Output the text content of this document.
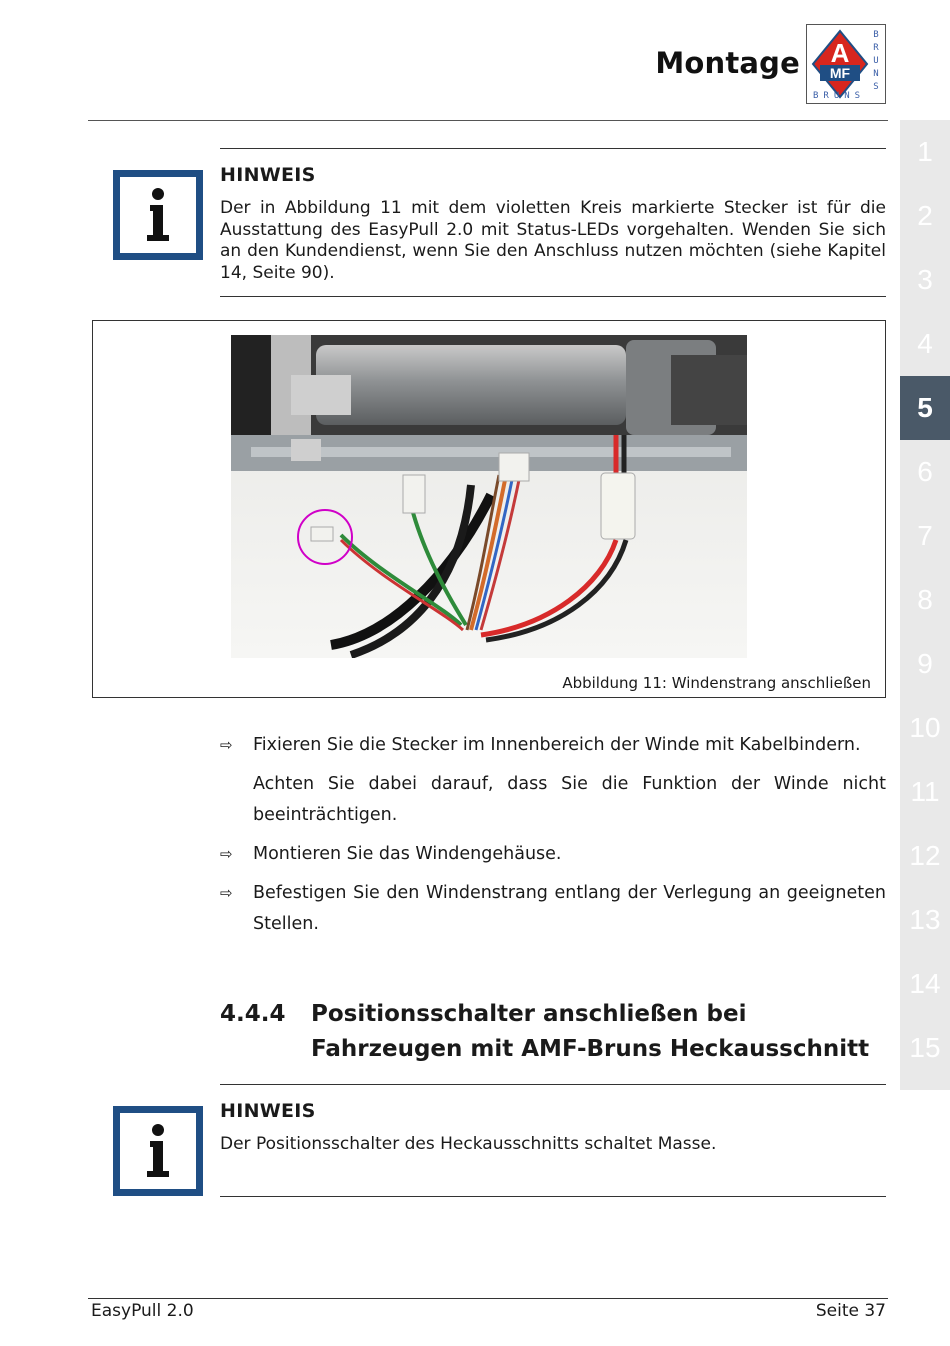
Montage A
MF
B
R
U
N
S
BRUNS
1
2
3
4
5
6
7
8
9
10
11
12
13
14
15
HINWEIS
Der in Abbildung 11 mit dem violetten Kreis markierte Stecker ist für die Ausstattung des EasyPull 2.0 mit Status-LEDs vorgehalten. Wenden Sie sich an den Kundendienst, wenn Sie den Anschluss nutzen möchten (siehe Kapitel 14, Seite 90).
Abbildung 11: Windenstrang anschließen
⇨ Fixieren Sie die Stecker im Innenbereich der Winde mit Kabelbindern.
Achten Sie dabei darauf, dass Sie die Funktion der Winde nicht beeinträchtigen.
⇨ Montieren Sie das Windengehäuse.
⇨ Befestigen Sie den Windenstrang entlang der Verlegung an geeigneten Stellen.
4.4.4 Positionsschalter anschließen bei Fahrzeugen mit AMF-Bruns Heckausschnitt
HINWEIS
Der Positionsschalter des Heckausschnitts schaltet Masse.
EasyPull 2.0	Seite 37
